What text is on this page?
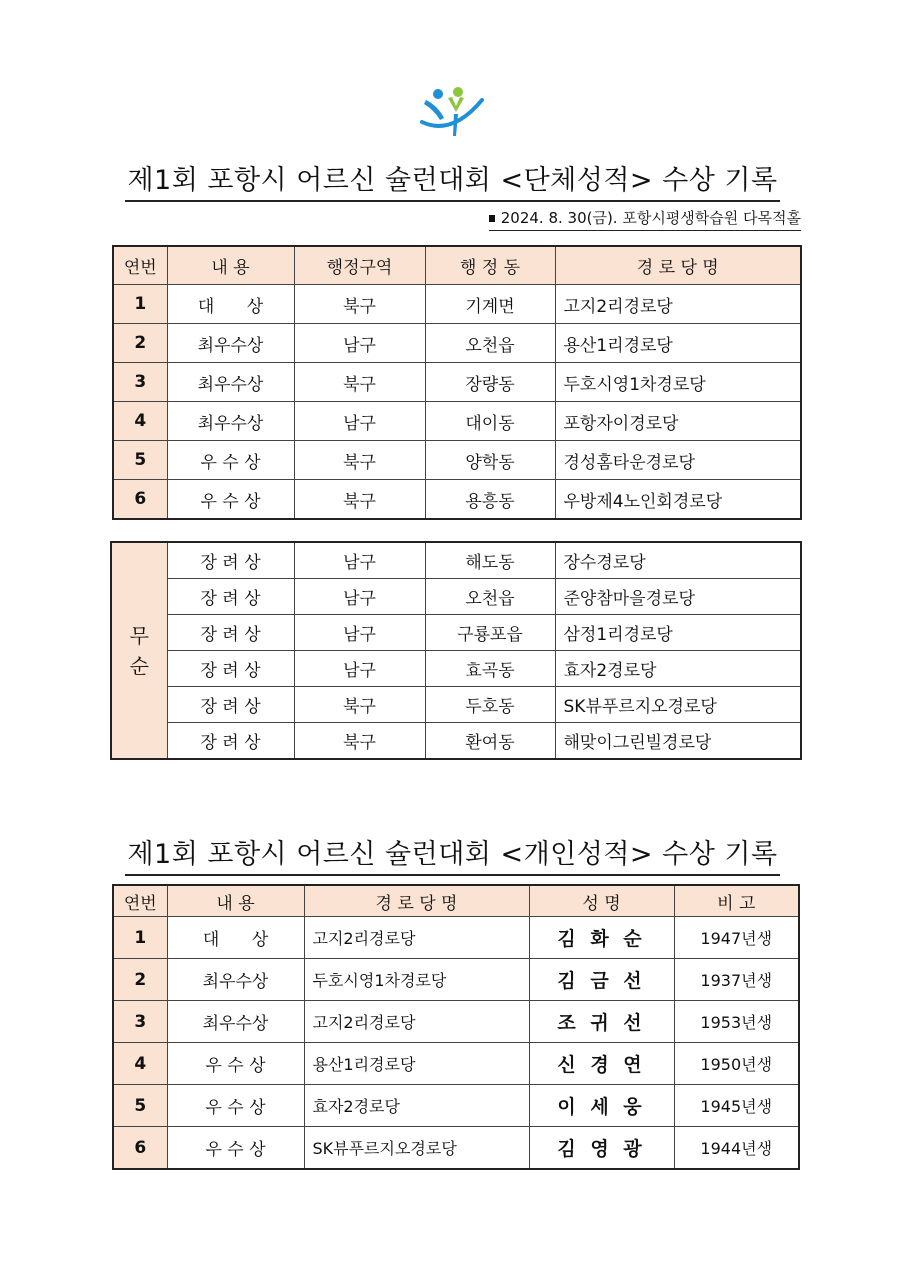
제1회 포항시 어르신 슐런대회 <단체성적> 수상 기록
2024. 8. 30(금). 포항시평생학습원 다목적홀
연번	내 용	행정구역	행 정 동	경 로 당 명
1	대      상	북구	기계면	고지2리경로당
2	최우수상	남구	오천읍	용산1리경로당
3	최우수상	북구	장량동	두호시영1차경로당
4	최우수상	남구	대이동	포항자이경로당
5	우 수 상	북구	양학동	경성홈타운경로당
6	우 수 상	북구	용흥동	우방제4노인회경로당
무순	장 려 상	남구	해도동	장수경로당
	장 려 상	남구	오천읍	준양참마을경로당
	장 려 상	남구	구룡포읍	삼정1리경로당
	장 려 상	남구	효곡동	효자2경로당
	장 려 상	북구	두호동	SK뷰푸르지오경로당
	장 려 상	북구	환여동	해맞이그린빌경로당
제1회 포항시 어르신 슐런대회 <개인성적> 수상 기록
연번	내 용	경 로 당 명	성 명	비 고
1	대      상	고지2리경로당	김 화 순	1947년생
2	최우수상	두호시영1차경로당	김 금 선	1937년생
3	최우수상	고지2리경로당	조 귀 선	1953년생
4	우 수 상	용산1리경로당	신 경 연	1950년생
5	우 수 상	효자2경로당	이 세 웅	1945년생
6	우 수 상	SK뷰푸르지오경로당	김 영 광	1944년생
